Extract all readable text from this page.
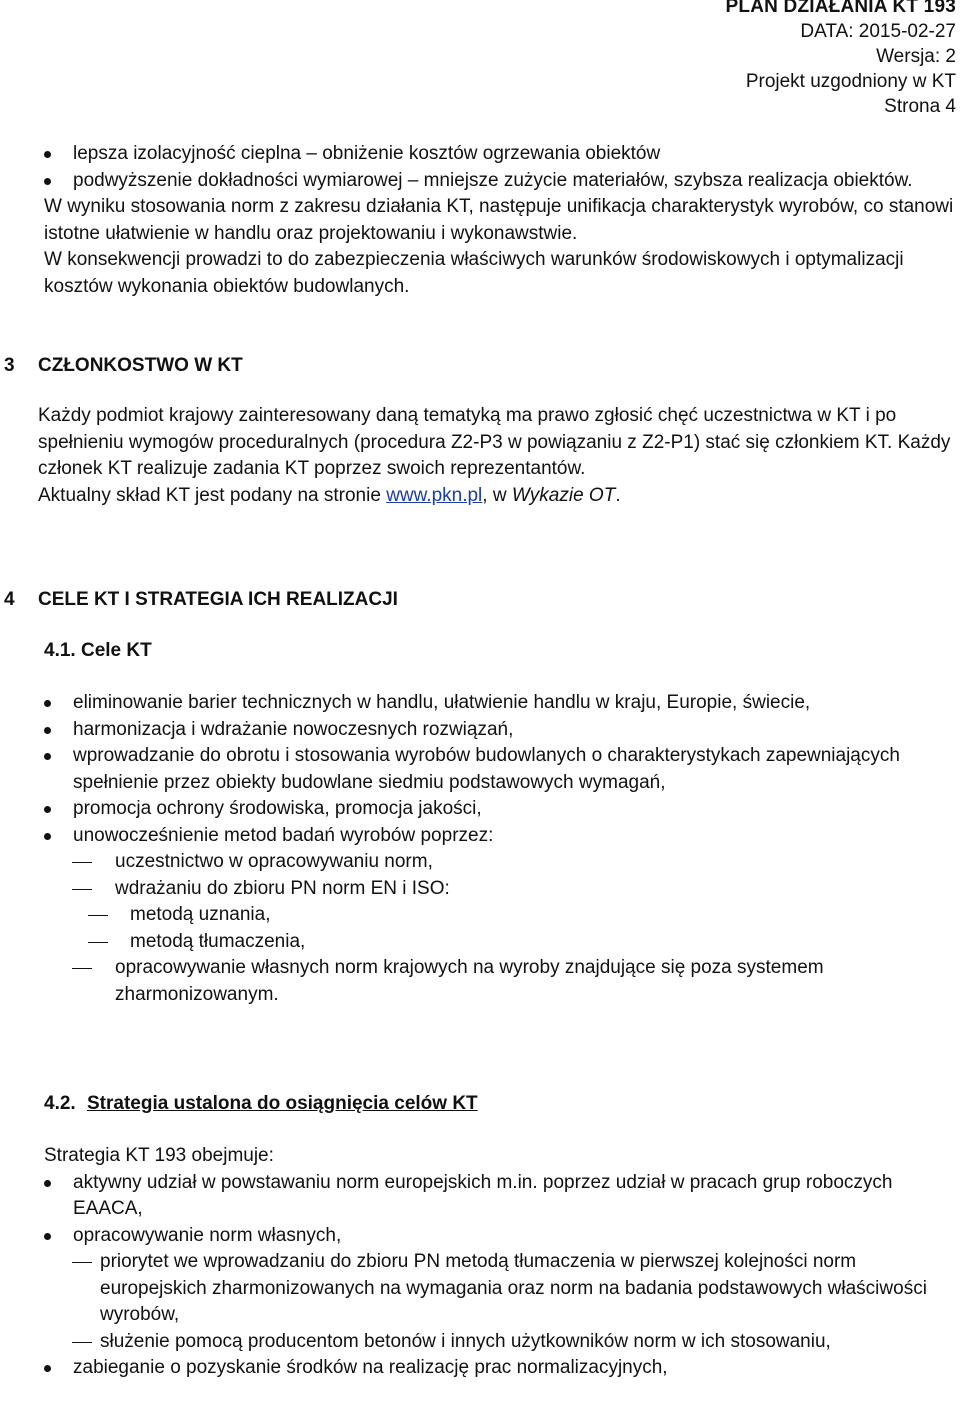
PLAN DZIAŁANIA KT 193
DATA: 2015-02-27
Wersja: 2
Projekt uzgodniony w KT
Strona 4
lepsza izolacyjność cieplna – obniżenie kosztów ogrzewania obiektów
podwyższenie dokładności wymiarowej – mniejsze zużycie materiałów, szybsza realizacja obiektów.
W wyniku stosowania norm z zakresu działania KT, następuje unifikacja charakterystyk wyrobów, co stanowi istotne ułatwienie w handlu oraz projektowaniu i wykonawstwie.
W konsekwencji prowadzi to do zabezpieczenia właściwych warunków środowiskowych i optymalizacji kosztów wykonania obiektów budowlanych.
3 CZŁONKOSTWO W KT
Każdy podmiot krajowy zainteresowany daną tematyką ma prawo zgłosić chęć uczestnictwa w KT i po spełnieniu wymogów proceduralnych (procedura Z2-P3 w powiązaniu z Z2-P1) stać się członkiem KT. Każdy członek KT realizuje zadania KT poprzez swoich reprezentantów.
Aktualny skład KT jest podany na stronie www.pkn.pl, w Wykazie OT.
4 CELE KT I STRATEGIA ICH REALIZACJI
4.1. Cele KT
eliminowanie barier technicznych w handlu, ułatwienie handlu w kraju, Europie, świecie,
harmonizacja i wdrażanie nowoczesnych rozwiązań,
wprowadzanie do obrotu i stosowania wyrobów budowlanych o charakterystykach zapewniających spełnienie przez obiekty budowlane siedmiu podstawowych wymagań,
promocja ochrony środowiska, promocja jakości,
unowocześnienie metod badań wyrobów poprzez:
uczestnictwo w opracowywaniu norm,
wdrażaniu do zbioru PN norm EN i ISO:
metodą uznania,
metodą tłumaczenia,
opracowywanie własnych norm krajowych na wyroby znajdujące się poza systemem zharmonizowanym.
4.2. Strategia ustalona do osiągnięcia celów KT
Strategia KT 193 obejmuje:
aktywny udział w powstawaniu norm europejskich m.in. poprzez udział w pracach grup roboczych EAACA,
opracowywanie norm własnych,
priorytet we wprowadzaniu do zbioru PN metodą tłumaczenia w pierwszej kolejności norm europejskich zharmonizowanych na wymagania oraz norm na badania podstawowych właściwości wyrobów,
służenie pomocą producentom betonów i innych użytkowników norm w ich stosowaniu,
zabieganie o pozyskanie środków na realizację prac normalizacyjnych,
